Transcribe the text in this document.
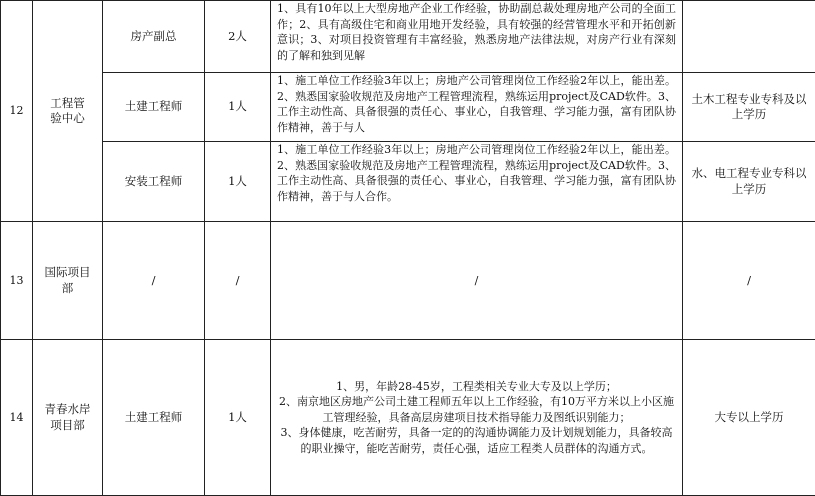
12	工程管验中心	房产副总	2人	1、具有10年以上大型房地产企业工作经验，协助副总裁处理房地产公司的全面工作；2、具有高级住宅和商业用地开发经验，具有较强的经营管理水平和开拓创新意识；3、对项目投资管理有丰富经验，熟悉房地产法律法规，对房产行业有深刻的了解和独到见解	
		土建工程师	1人	1、施工单位工作经验3年以上；房地产公司管理岗位工作经验2年以上，能出差。2、熟悉国家验收规范及房地产工程管理流程，熟练运用project及CAD软件。3、工作主动性高、具备很强的责任心、事业心，自我管理、学习能力强，富有团队协作精神，善于与人	土木工程专业专科及以上学历
		安装工程师	1人	1、施工单位工作经验3年以上；房地产公司管理岗位工作经验2年以上，能出差。2、熟悉国家验收规范及房地产工程管理流程，熟练运用project及CAD软件。3、工作主动性高、具备很强的责任心、事业心，自我管理、学习能力强，富有团队协作精神，善于与人合作。	水、电工程专业专科以上学历
13	国际项目部	/	/	/	/
14	青春水岸项目部	土建工程师	1人	1、男，年龄28-45岁，工程类相关专业大专及以上学历；
2、南京地区房地产公司土建工程师五年以上工作经验，有10万平方米以上小区施工管理经验，具备高层房建项目技术指导能力及图纸识别能力；
3、身体健康，吃苦耐劳，具备一定的的沟通协调能力及计划规划能力，具备较高的职业操守，能吃苦耐劳，责任心强，适应工程类人员群体的沟通方式。	大专以上学历
